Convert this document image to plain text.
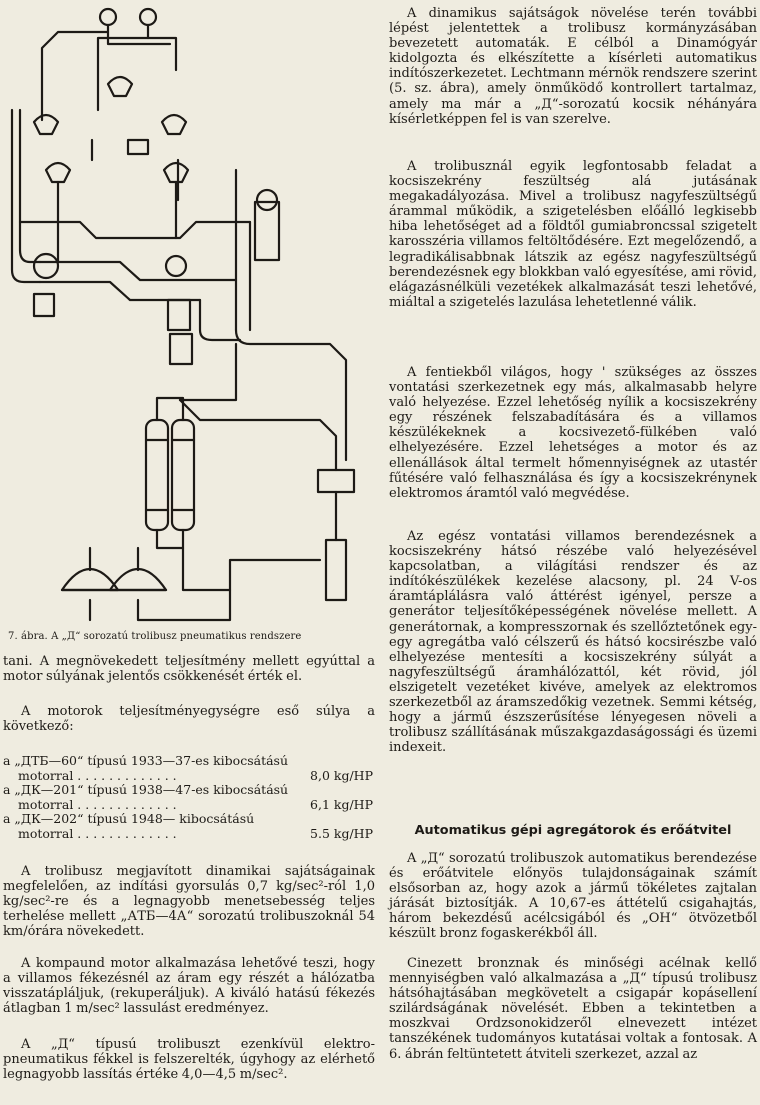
7. ábra. A „Д“ sorozatú trolibusz pneumatikus rendszere

tani. A megnövekedett teljesítmény mellett egyúttal a motor súlyának jelentős csökkenését érték el.

A motorok teljesítményegységre eső súlya a következő:

a „ДТБ—60“ típusú 1933—37-es kibocsátású
motorral . . . . . . . . . . . . .	8,0 kg/HP
a „ДК—201“ típusú 1938—47-es kibocsátású
motorral . . . . . . . . . . . . .	6,1 kg/HP
a „ДК—202“ típusú 1948— kibocsátású
motorral . . . . . . . . . . . . .	5.5 kg/HP

A trolibusz megjavított dinamikai sajátságainak megfelelően, az indítási gyorsulás 0,7 kg/sec²-ról 1,0 kg/sec²-re és a legnagyobb menetsebesség teljes terhelése mellett „АТБ—4А“ sorozatú trolibuszoknál 54 km/órára növekedett.

A kompaund motor alkalmazása lehetővé teszi, hogy a villamos fékezésnél az áram egy részét a hálózatba visszatápláljuk, (rekuperáljuk). A kiváló hatású fékezés átlagban 1 m/sec² lassulást eredményez.

A „Д“ típusú trolibuszt ezenkívül elektro-pneumatikus fékkel is felszerelték, úgyhogy az elérhető legnagyobb lassítás értéke 4,0—4,5 m/sec².

A dinamikus sajátságok növelése terén további lépést jelentettek a trolibusz kormányzásában bevezetett automaták. E célból a Dinamógyár kidolgozta és elkészítette a kísérleti automatikus indítószerkezetet. Lechtmann mérnök rendszere szerint (5. sz. ábra), amely önműködő kontrollert tartalmaz, amely ma már a „Д“-sorozatú kocsik néhányára kísérletképpen fel is van szerelve.

A trolibusznál egyik legfontosabb feladat a kocsiszekrény feszültség alá jutásának megakadályozása. Mivel a trolibusz nagyfeszültségű árammal működik, a szigetelésben előálló legkisebb hiba lehetőséget ad a földtől gumiabroncssal szigetelt karosszéria villamos feltöltődésére. Ezt megelőzendő, a legradikálisabbnak látszik az egész nagyfeszültségű berendezésnek egy blokkban való egyesítése, ami rövid, elágazásnélküli vezetékek alkalmazását teszi lehetővé, miáltal a szigetelés lazulása lehetetlenné válik.

A fentiekből világos, hogy ' szükséges az összes vontatási szerkezetnek egy más, alkalmasabb helyre való helyezése. Ezzel lehetőség nyílik a kocsiszekrény egy részének felszabadítására és a villamos készülékeknek a kocsivezető-fülkében való elhelyezésére. Ezzel lehetséges a motor és az ellenállások által termelt hőmennyiségnek az utastér fűtésére való felhasználása és így a kocsiszekrénynek elektromos áramtól való megvédése.

Az egész vontatási villamos berendezésnek a kocsiszekrény hátsó részébe való helyezésével kapcsolatban, a világítási rendszer és az indítókészülékek kezelése alacsony, pl. 24 V-os áramtáplálásra való áttérést igényel, persze a generátor teljesítőképességének növelése mellett. A generátornak, a kompresszornak és szellőztetőnek egy-egy agregátba való célszerű és hátsó kocsirészbe való elhelyezése mentesíti a kocsiszekrény súlyát a nagyfeszültségű áramhálózattól, két rövid, jól elszigetelt vezetéket kivéve, amelyek az elektromos szerkezetből az áramszedőkig vezetnek. Semmi kétség, hogy a jármű észszerűsítése lényegesen növeli a trolibusz szállításának műszakgazdaságossági és üzemi indexeit.

Automatikus gépi agregátorok és erőátvitel

A „Д“ sorozatú trolibuszok automatikus berendezése és erőátvitele előnyös tulajdonságainak számít elsősorban az, hogy azok a jármű tökéletes zajtalan járását biztosítják. A 10,67-es áttételű csigahajtás, három bekezdésű acélcsigából és „OH“ ötvözetből készült bronz fogaskerékből áll.

Cinezett bronznak és minőségi acélnak kellő mennyiségben való alkalmazása a „Д“ típusú trolibusz hátsóhajtásában megkövetelt a csigapár kopásellení szilárdságának növelését. Ebben a tekintetben a moszkvai Ordzsonokidzeről elnevezett intézet tanszékének tudományos kutatásai voltak a fontosak. A 6. ábrán feltüntetett átviteli szerkezet, azzal az
